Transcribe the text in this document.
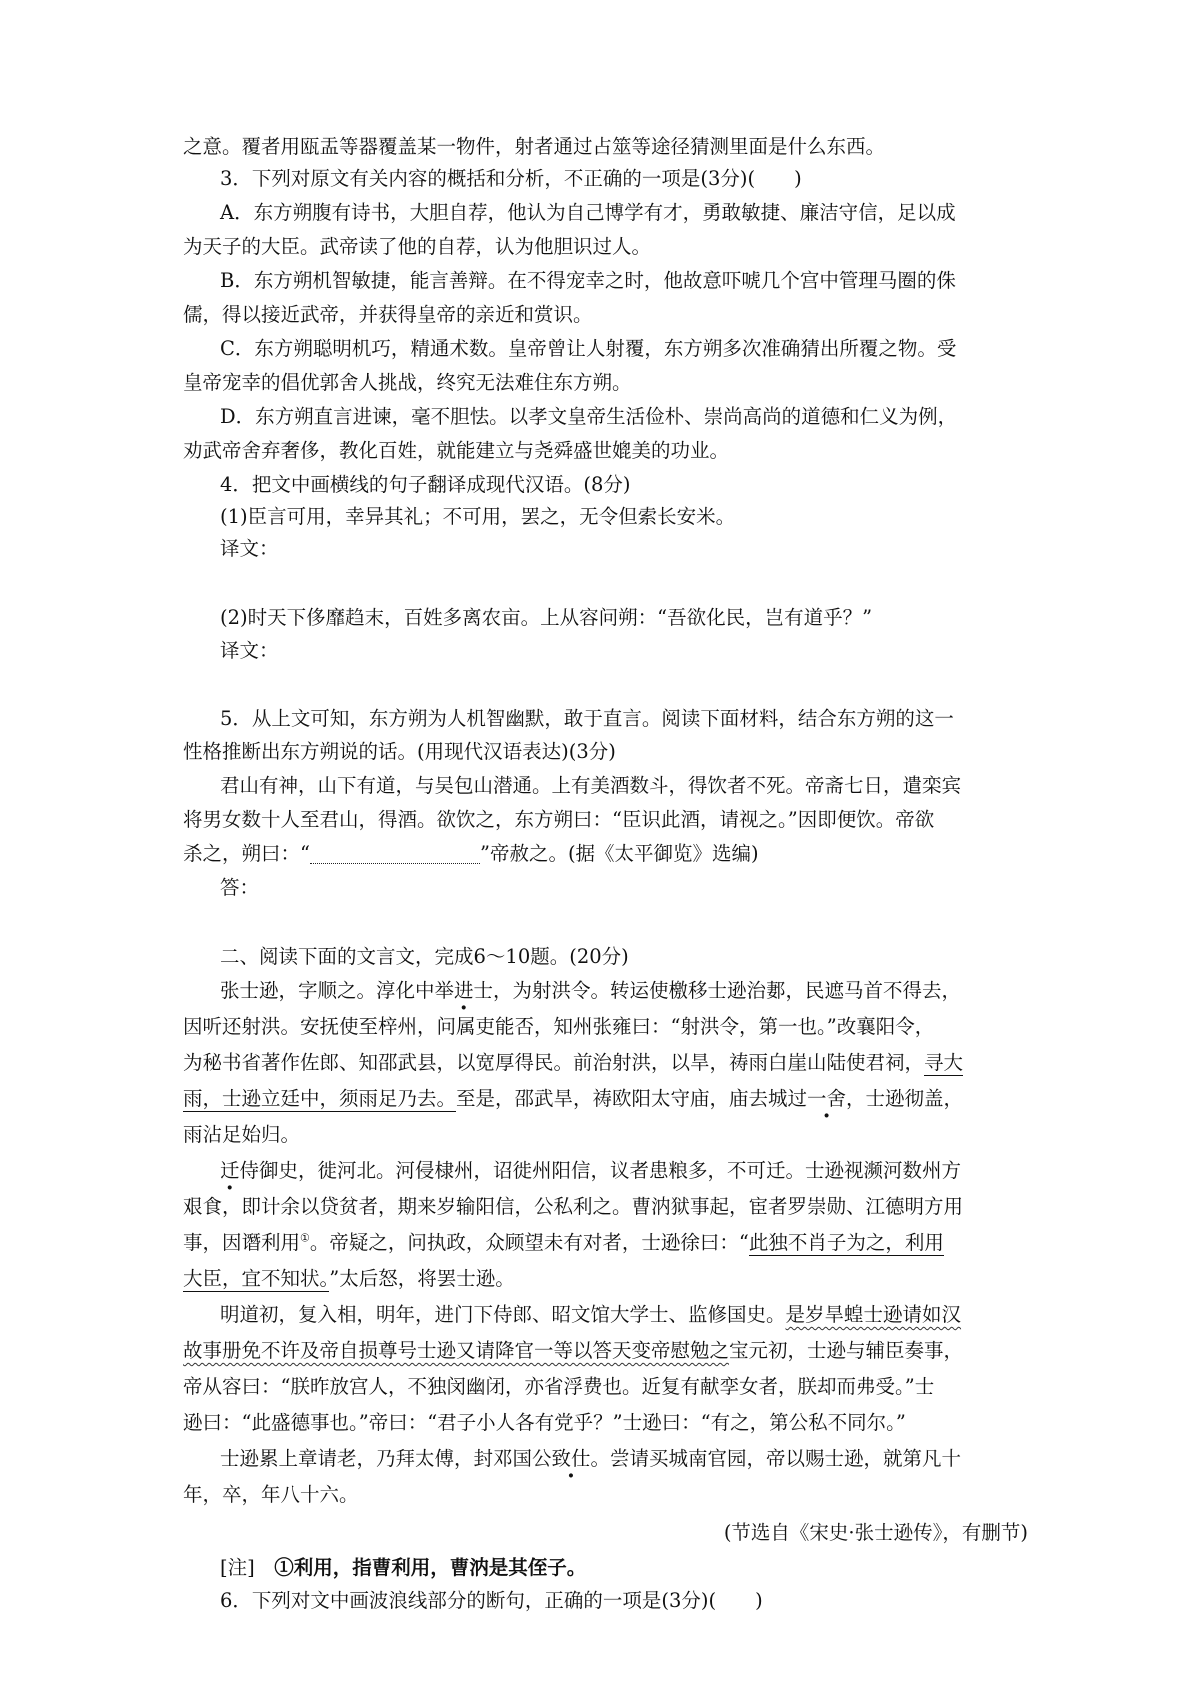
之意。覆者用瓯盂等器覆盖某一物件，射者通过占筮等途径猜测里面是什么东西。
3．下列对原文有关内容的概括和分析，不正确的一项是(3分)(　　)
A．东方朔腹有诗书，大胆自荐，他认为自己博学有才，勇敢敏捷、廉洁守信，足以成
为天子的大臣。武帝读了他的自荐，认为他胆识过人。
B．东方朔机智敏捷，能言善辩。在不得宠幸之时，他故意吓唬几个宫中管理马圈的侏
儒，得以接近武帝，并获得皇帝的亲近和赏识。
C．东方朔聪明机巧，精通术数。皇帝曾让人射覆，东方朔多次准确猜出所覆之物。受
皇帝宠幸的倡优郭舍人挑战，终究无法难住东方朔。
D．东方朔直言进谏，毫不胆怯。以孝文皇帝生活俭朴、崇尚高尚的道德和仁义为例，
劝武帝舍弃奢侈，教化百姓，就能建立与尧舜盛世媲美的功业。
4．把文中画横线的句子翻译成现代汉语。(8分)
(1)臣言可用，幸异其礼；不可用，罢之，无令但索长安米。
译文：
(2)时天下侈靡趋末，百姓多离农亩。上从容问朔：“吾欲化民，岂有道乎？”
译文：
5．从上文可知，东方朔为人机智幽默，敢于直言。阅读下面材料，结合东方朔的这一
性格推断出东方朔说的话。(用现代汉语表达)(3分)
君山有神，山下有道，与吴包山潜通。上有美酒数斗，得饮者不死。帝斋七日，遣栾宾
将男女数十人至君山，得酒。欲饮之，东方朔曰：“臣识此酒，请视之。”因即便饮。帝欲
杀之，朔曰：“	”帝赦之。(据《太平御览》选编)
答：
二、阅读下面的文言文，完成6～10题。(20分)
张士逊，字顺之。淳化中举进士，为射洪令。转运使檄移士逊治郪，民遮马首不得去，
因听还射洪。安抚使至梓州，问属吏能否，知州张雍曰：“射洪令，第一也。”改襄阳令，
为秘书省著作佐郎、知邵武县，以宽厚得民。前治射洪，以旱，祷雨白崖山陆使君祠，寻大
雨，士逊立廷中，须雨足乃去。至是，邵武旱，祷欧阳太守庙，庙去城过一舍，士逊彻盖，
雨沾足始归。
迁侍御史，徙河北。河侵棣州，诏徙州阳信，议者患粮多，不可迁。士逊视濒河数州方
艰食，即计余以贷贫者，期来岁输阳信，公私利之。曹汭狱事起，宦者罗崇勋、江德明方用
事，因谮利用①。帝疑之，问执政，众顾望未有对者，士逊徐曰：“此独不肖子为之，利用
大臣，宜不知状。”太后怒，将罢士逊。
明道初，复入相，明年，进门下侍郎、昭文馆大学士、监修国史。是岁旱蝗士逊请如汉
故事册免不许及帝自损尊号士逊又请降官一等以答天变帝慰勉之宝元初，士逊与辅臣奏事，
帝从容曰：“朕昨放宫人，不独闵幽闭，亦省浮费也。近复有献孪女者，朕却而弗受。”士
逊曰：“此盛德事也。”帝曰：“君子小人各有党乎？”士逊曰：“有之，第公私不同尔。”
士逊累上章请老，乃拜太傅，封邓国公致仕。尝请买城南官园，帝以赐士逊，就第凡十
年，卒，年八十六。
(节选自《宋史·张士逊传》，有删节)
[注]　 ①利用，指曹利用，曹汭是其侄子。
6．下列对文中画波浪线部分的断句，正确的一项是(3分)(　　)
